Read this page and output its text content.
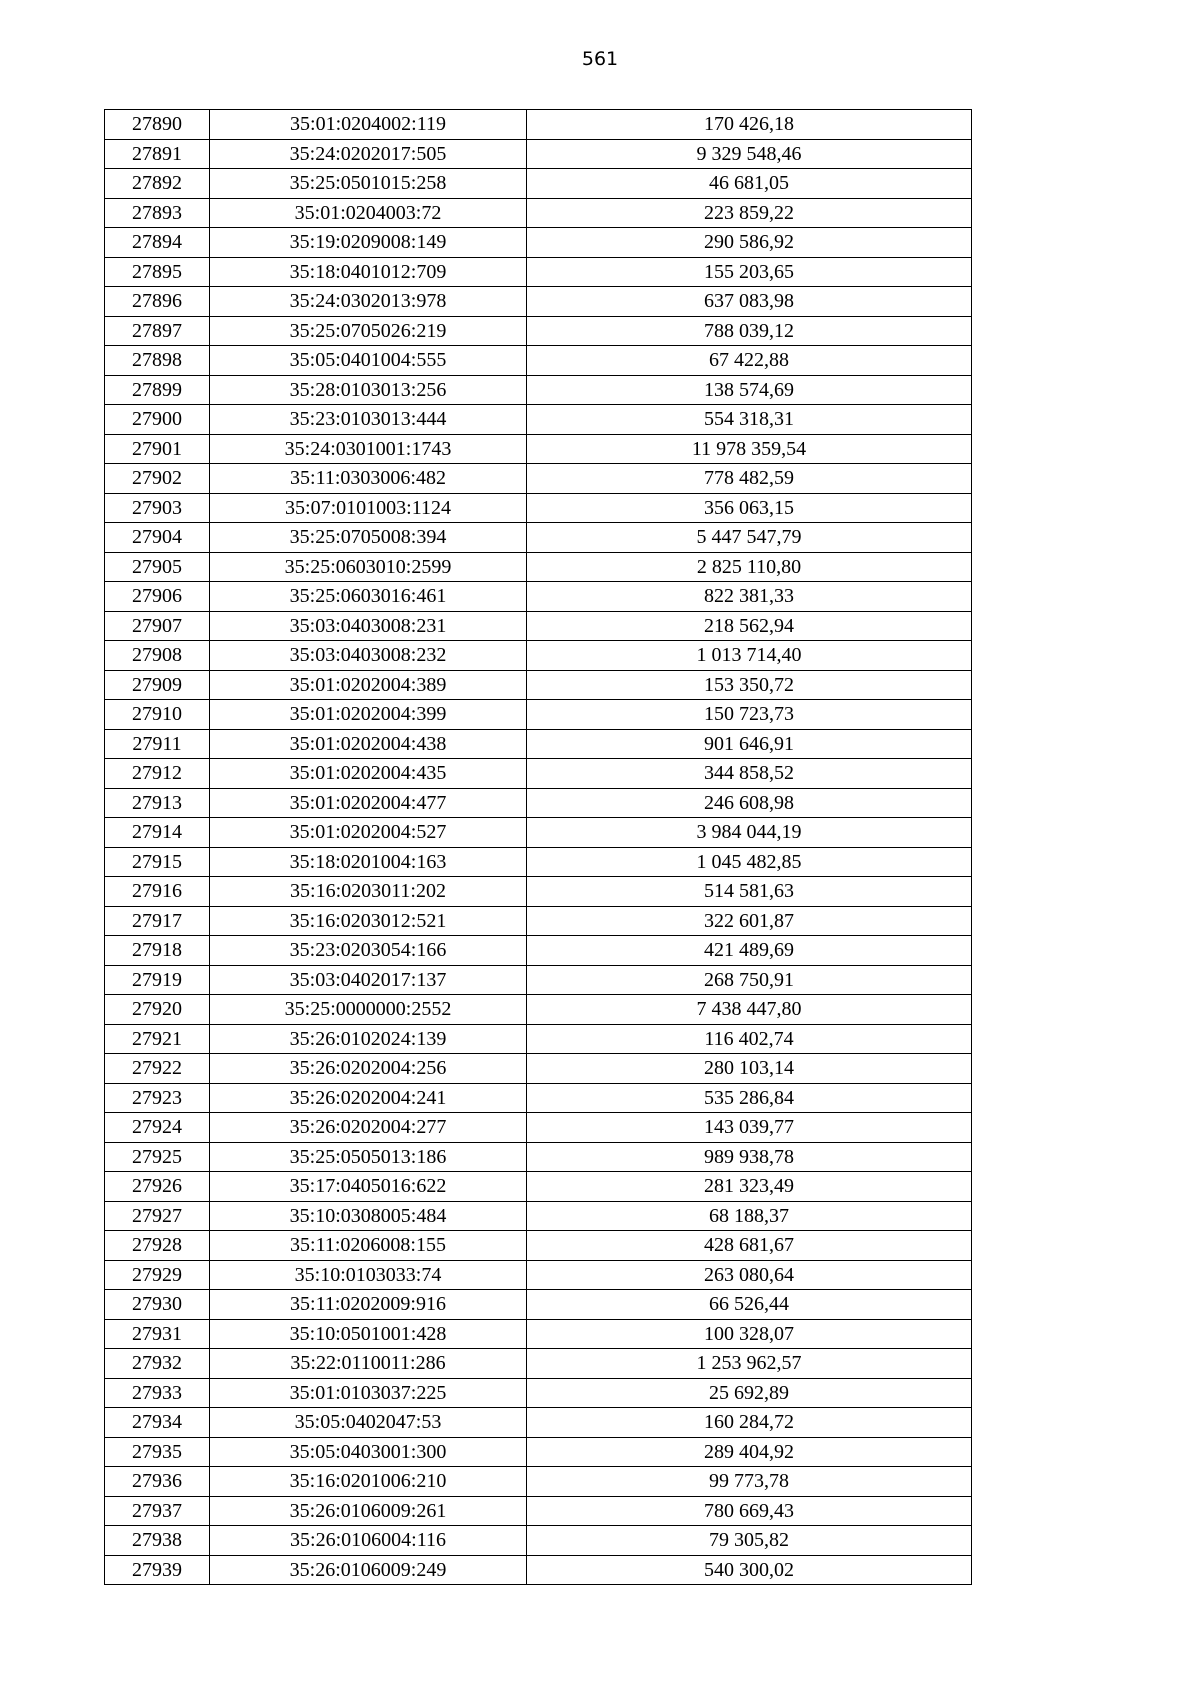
561
27890	35:01:0204002:119	170 426,18
27891	35:24:0202017:505	9 329 548,46
27892	35:25:0501015:258	46 681,05
27893	35:01:0204003:72	223 859,22
27894	35:19:0209008:149	290 586,92
27895	35:18:0401012:709	155 203,65
27896	35:24:0302013:978	637 083,98
27897	35:25:0705026:219	788 039,12
27898	35:05:0401004:555	67 422,88
27899	35:28:0103013:256	138 574,69
27900	35:23:0103013:444	554 318,31
27901	35:24:0301001:1743	11 978 359,54
27902	35:11:0303006:482	778 482,59
27903	35:07:0101003:1124	356 063,15
27904	35:25:0705008:394	5 447 547,79
27905	35:25:0603010:2599	2 825 110,80
27906	35:25:0603016:461	822 381,33
27907	35:03:0403008:231	218 562,94
27908	35:03:0403008:232	1 013 714,40
27909	35:01:0202004:389	153 350,72
27910	35:01:0202004:399	150 723,73
27911	35:01:0202004:438	901 646,91
27912	35:01:0202004:435	344 858,52
27913	35:01:0202004:477	246 608,98
27914	35:01:0202004:527	3 984 044,19
27915	35:18:0201004:163	1 045 482,85
27916	35:16:0203011:202	514 581,63
27917	35:16:0203012:521	322 601,87
27918	35:23:0203054:166	421 489,69
27919	35:03:0402017:137	268 750,91
27920	35:25:0000000:2552	7 438 447,80
27921	35:26:0102024:139	116 402,74
27922	35:26:0202004:256	280 103,14
27923	35:26:0202004:241	535 286,84
27924	35:26:0202004:277	143 039,77
27925	35:25:0505013:186	989 938,78
27926	35:17:0405016:622	281 323,49
27927	35:10:0308005:484	68 188,37
27928	35:11:0206008:155	428 681,67
27929	35:10:0103033:74	263 080,64
27930	35:11:0202009:916	66 526,44
27931	35:10:0501001:428	100 328,07
27932	35:22:0110011:286	1 253 962,57
27933	35:01:0103037:225	25 692,89
27934	35:05:0402047:53	160 284,72
27935	35:05:0403001:300	289 404,92
27936	35:16:0201006:210	99 773,78
27937	35:26:0106009:261	780 669,43
27938	35:26:0106004:116	79 305,82
27939	35:26:0106009:249	540 300,02
